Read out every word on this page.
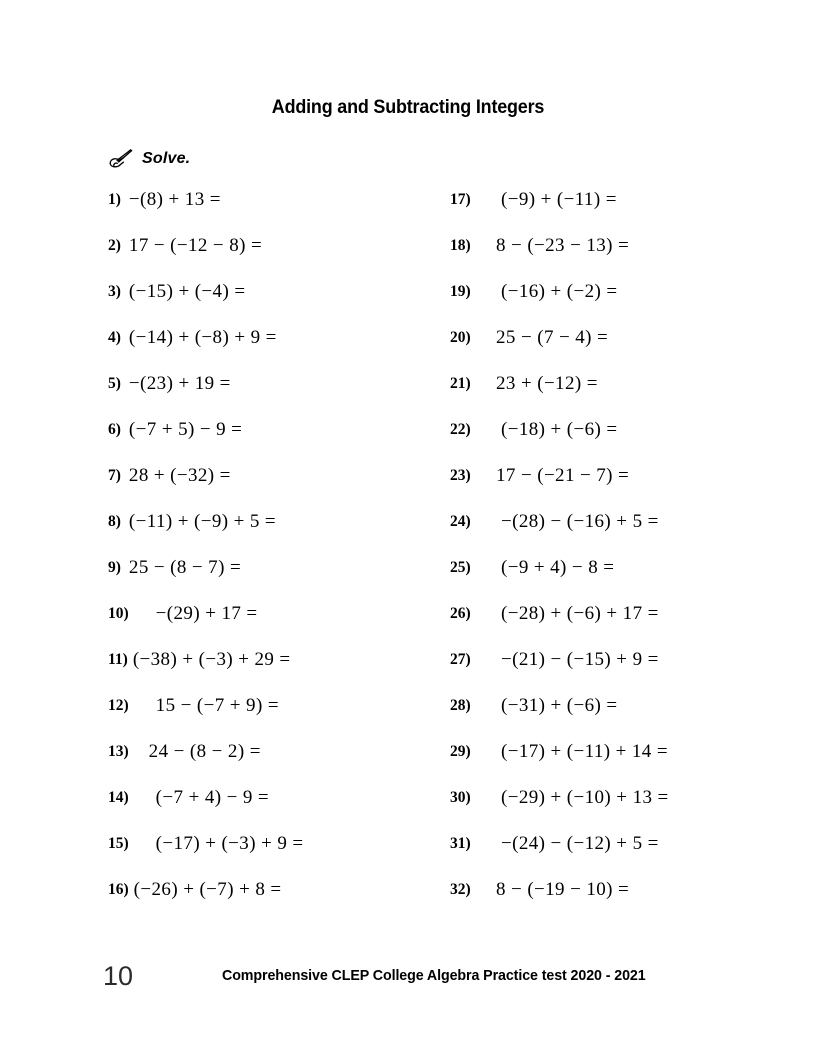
Adding and Subtracting Integers
Solve.
1) −(8) + 13 =
2) 17 − (−12 − 8) =
3) (−15) + (−4) =
4) (−14) + (−8) + 9 =
5) −(23) + 19 =
6) (−7 + 5) − 9 =
7) 28 + (−32) =
8) (−11) + (−9) + 5 =
9) 25 − (8 − 7) =
10) −(29) + 17 =
11) (−38) + (−3) + 29 =
12) 15 − (−7 + 9) =
13) 24 − (8 − 2) =
14) (−7 + 4) − 9 =
15) (−17) + (−3) + 9 =
16) (−26) + (−7) + 8 =
17)	(−9) + (−11) =
18)	8 − (−23 − 13) =
19)	(−16) + (−2) =
20)	25 − (7 − 4) =
21)	23 + (−12) =
22)	(−18) + (−6) =
23)	17 − (−21 − 7) =
24)	−(28) − (−16) + 5 =
25)	(−9 + 4) − 8 =
26)	(−28) + (−6) + 17 =
27)	−(21) − (−15) + 9 =
28)	(−31) + (−6) =
29)	(−17) + (−11) + 14 =
30)	(−29) + (−10) + 13 =
31)	−(24) − (−12) + 5 =
32)	8 − (−19 − 10) =
10	Comprehensive CLEP College Algebra Practice test 2020 - 2021
